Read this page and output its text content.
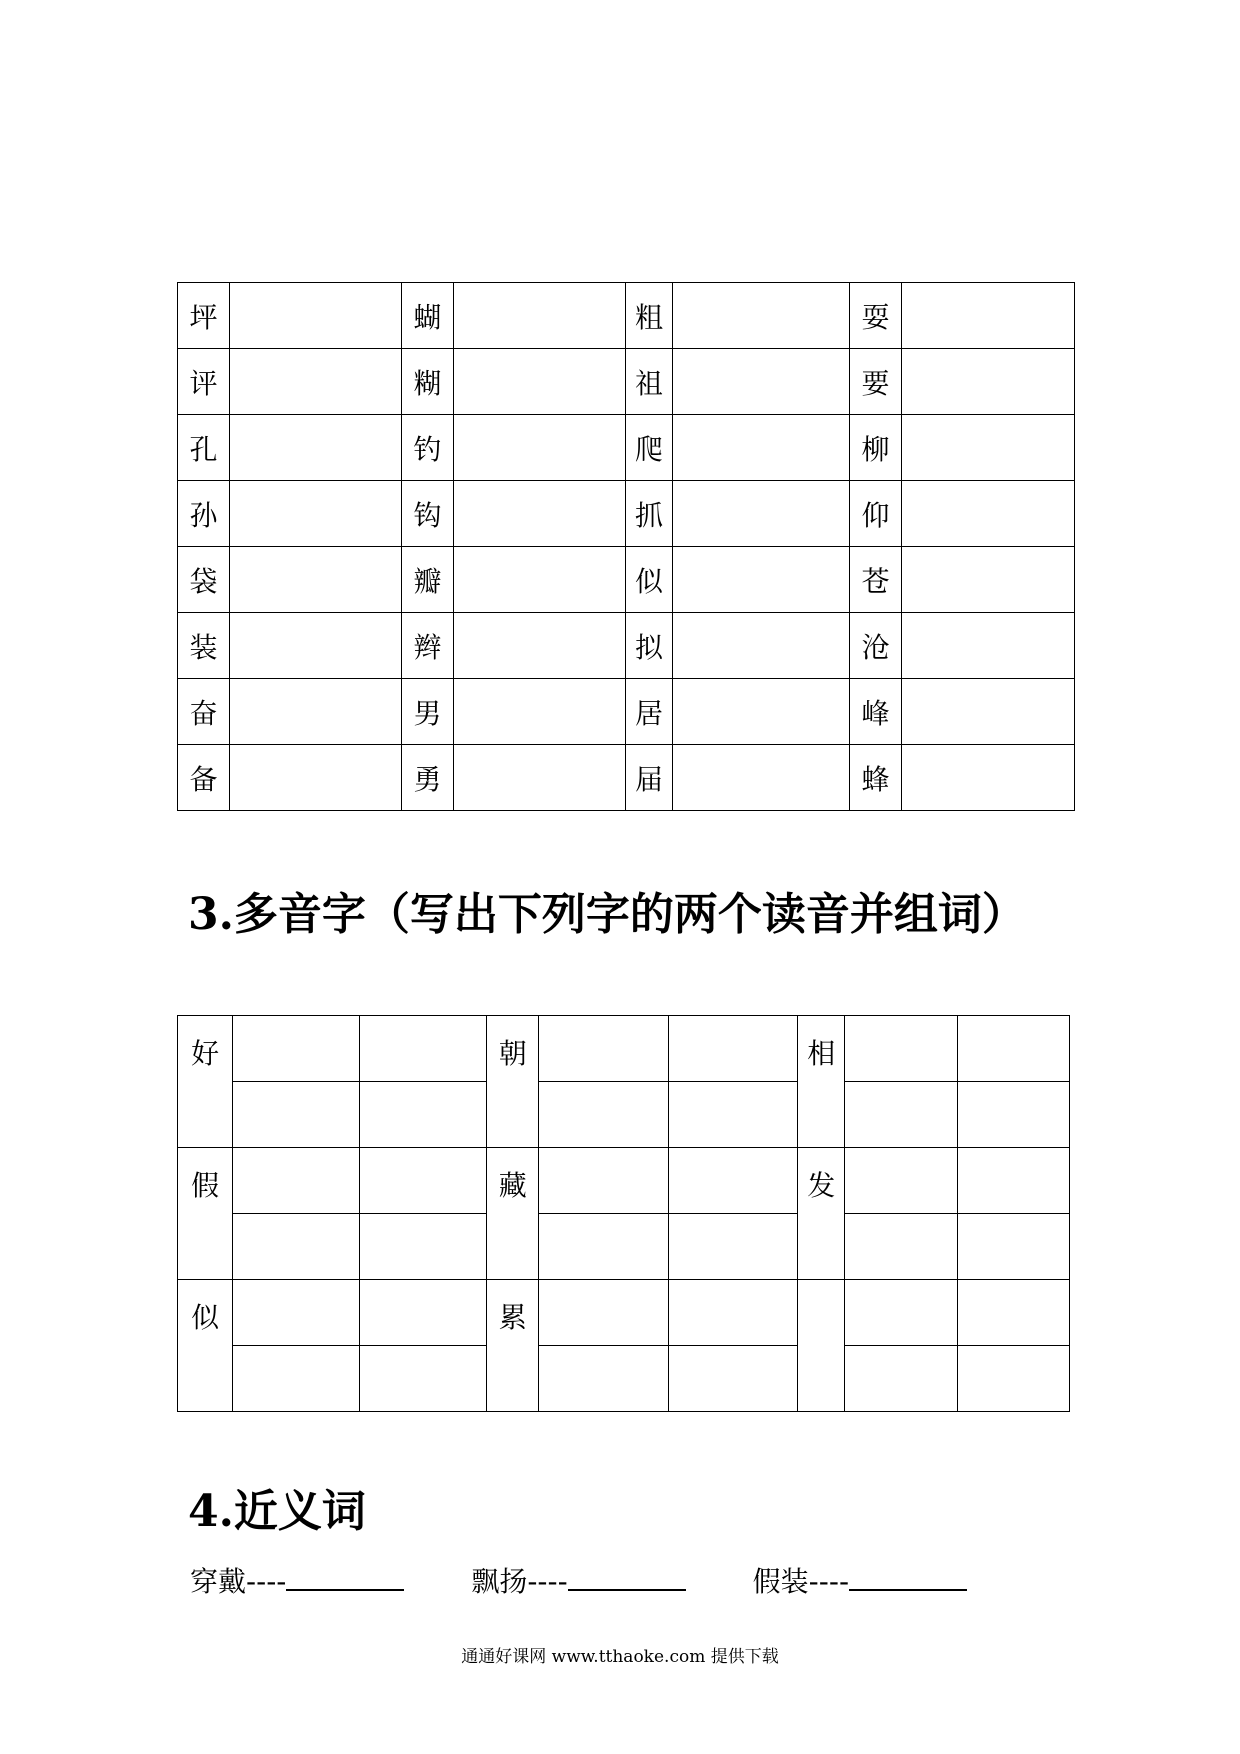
坪		蝴		粗		耍	
评		糊		祖		要	
孔		钓		爬		柳	
孙		钩		抓		仰	
袋		瓣		似		苍	
装		辫		拟		沧	
奋		男		居		峰	
备		勇		届		蜂	
3.多音字（写出下列字的两个读音并组词）
好			朝			相		

假			藏			发		

似			累					

4.近义词
穿戴----	飘扬----	假装----
通通好课网 www.tthaoke.com 提供下载
